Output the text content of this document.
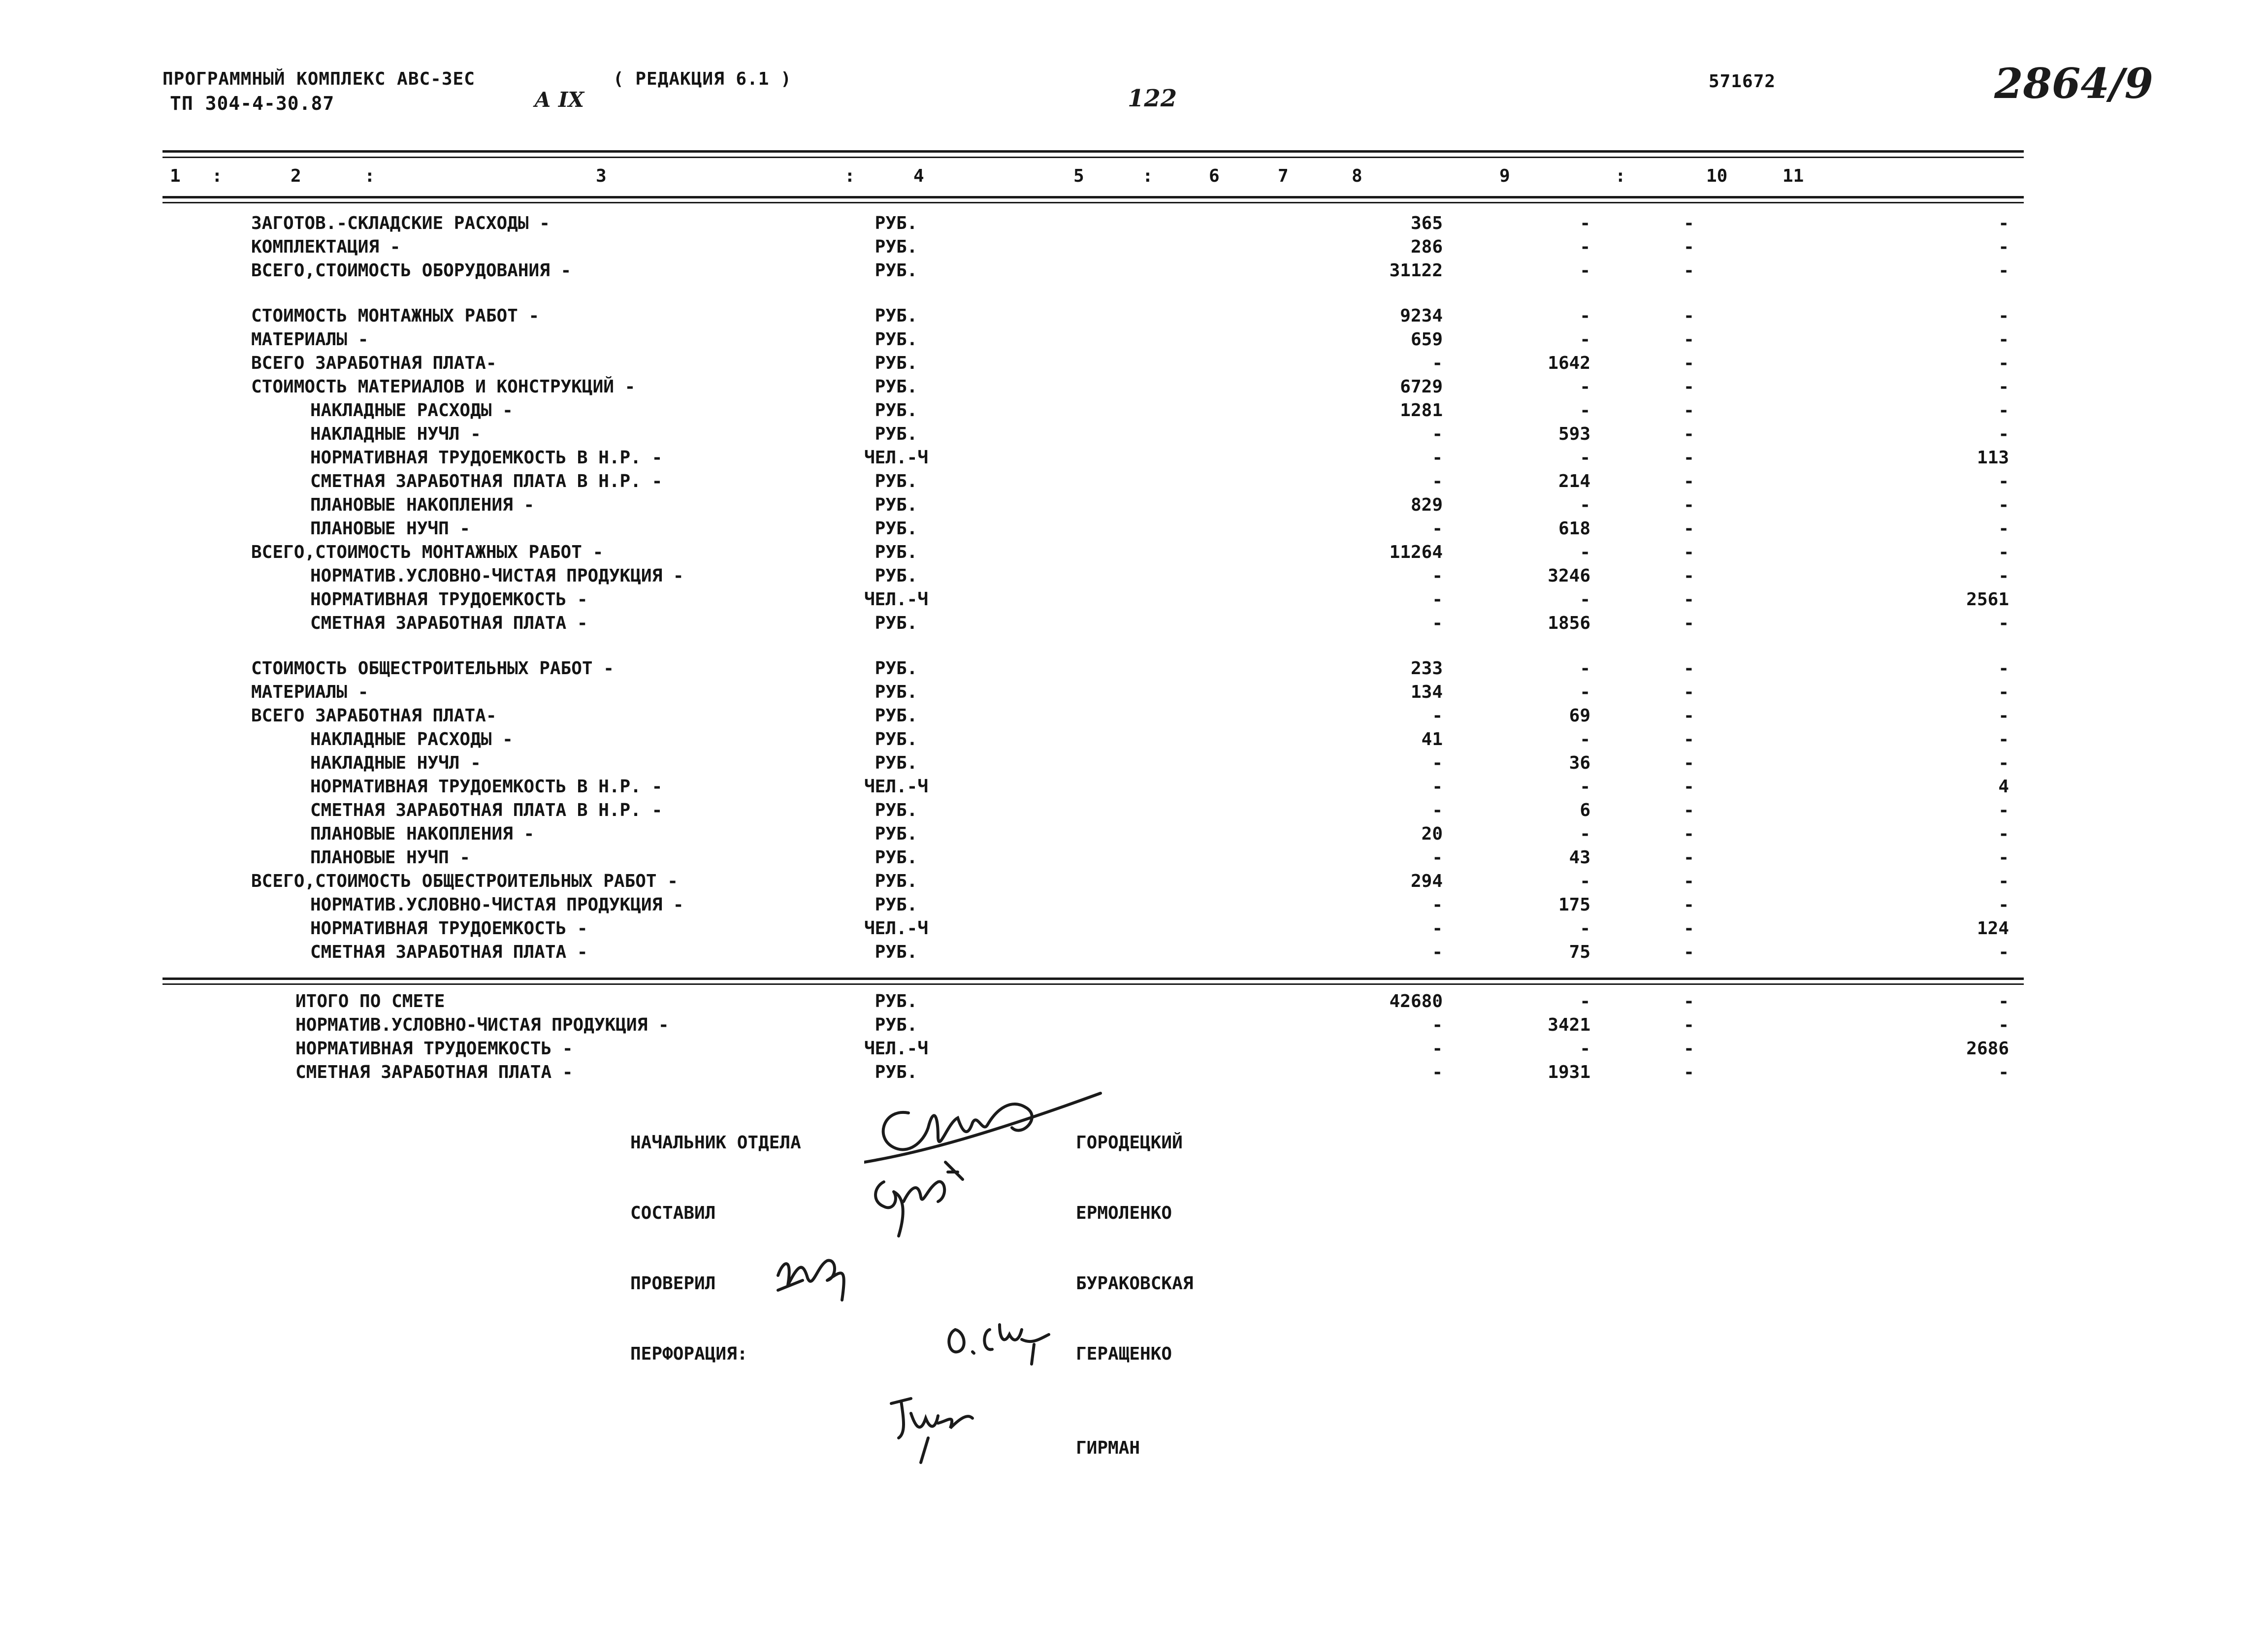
ПРОГРАММНЫЙ КОМПЛЕКС АВС-ЗЕС	( РЕДАКЦИЯ 6.1 )
ТП 304-4-30.87	А IX	122
571672	2864/9
1 :	2	:	3	:	4	5	:	6	7	8	9	:	10	11
ЗАГОТОВ.-СКЛАДСКИЕ РАСХОДЫ -	РУБ.	365	-	-	-
КОМПЛЕКТАЦИЯ -	РУБ.	286	-	-	-
ВСЕГО,СТОИМОСТЬ ОБОРУДОВАНИЯ -	РУБ.	31122	-	-	-
СТОИМОСТЬ МОНТАЖНЫХ РАБОТ -	РУБ.	9234	-	-	-
МАТЕРИАЛЫ -	РУБ.	659	-	-	-
ВСЕГО ЗАРАБОТНАЯ ПЛАТА-	РУБ.	-	1642	-	-
СТОИМОСТЬ МАТЕРИАЛОВ И КОНСТРУКЦИЙ -	РУБ.	6729	-	-	-
НАКЛАДНЫЕ РАСХОДЫ -	РУБ.	1281	-	-	-
НАКЛАДНЫЕ НУЧЛ -	РУБ.	-	593	-	-
НОРМАТИВНАЯ ТРУДОЕМКОСТЬ В Н.Р. -	ЧЕЛ.-Ч	-	-	-	113
СМЕТНАЯ ЗАРАБОТНАЯ ПЛАТА В Н.Р. -	РУБ.	-	214	-	-
ПЛАНОВЫЕ НАКОПЛЕНИЯ -	РУБ.	829	-	-	-
ПЛАНОВЫЕ НУЧП -	РУБ.	-	618	-	-
ВСЕГО,СТОИМОСТЬ МОНТАЖНЫХ РАБОТ -	РУБ.	11264	-	-	-
НОРМАТИВ.УСЛОВНО-ЧИСТАЯ ПРОДУКЦИЯ -	РУБ.	-	3246	-	-
НОРМАТИВНАЯ ТРУДОЕМКОСТЬ -	ЧЕЛ.-Ч	-	-	-	2561
СМЕТНАЯ ЗАРАБОТНАЯ ПЛАТА -	РУБ.	-	1856	-	-
СТОИМОСТЬ ОБЩЕСТРОИТЕЛЬНЫХ РАБОТ -	РУБ.	233	-	-	-
МАТЕРИАЛЫ -	РУБ.	134	-	-	-
ВСЕГО ЗАРАБОТНАЯ ПЛАТА-	РУБ.	-	69	-	-
НАКЛАДНЫЕ РАСХОДЫ -	РУБ.	41	-	-	-
НАКЛАДНЫЕ НУЧЛ -	РУБ.	-	36	-	-
НОРМАТИВНАЯ ТРУДОЕМКОСТЬ В Н.Р. -	ЧЕЛ.-Ч	-	-	-	4
СМЕТНАЯ ЗАРАБОТНАЯ ПЛАТА В Н.Р. -	РУБ.	-	6	-	-
ПЛАНОВЫЕ НАКОПЛЕНИЯ -	РУБ.	20	-	-	-
ПЛАНОВЫЕ НУЧП -	РУБ.	-	43	-	-
ВСЕГО,СТОИМОСТЬ ОБЩЕСТРОИТЕЛЬНЫХ РАБОТ -	РУБ.	294	-	-	-
НОРМАТИВ.УСЛОВНО-ЧИСТАЯ ПРОДУКЦИЯ -	РУБ.	-	175	-	-
НОРМАТИВНАЯ ТРУДОЕМКОСТЬ -	ЧЕЛ.-Ч	-	-	-	124
СМЕТНАЯ ЗАРАБОТНАЯ ПЛАТА -	РУБ.	-	75	-	-
ИТОГО ПО СМЕТЕ	РУБ.	42680	-	-	-
НОРМАТИВ.УСЛОВНО-ЧИСТАЯ ПРОДУКЦИЯ -	РУБ.	-	3421	-	-
НОРМАТИВНАЯ ТРУДОЕМКОСТЬ -	ЧЕЛ.-Ч	-	-	-	2686
СМЕТНАЯ ЗАРАБОТНАЯ ПЛАТА -	РУБ.	-	1931	-	-
НАЧАЛЬНИК ОТДЕЛА	ГОРОДЕЦКИЙ
СОСТАВИЛ	ЕРМОЛЕНКО
ПРОВЕРИЛ	БУРАКОВСКАЯ
ПЕРФОРАЦИЯ:	ГЕРАЩЕНКО
ГИРМАН
